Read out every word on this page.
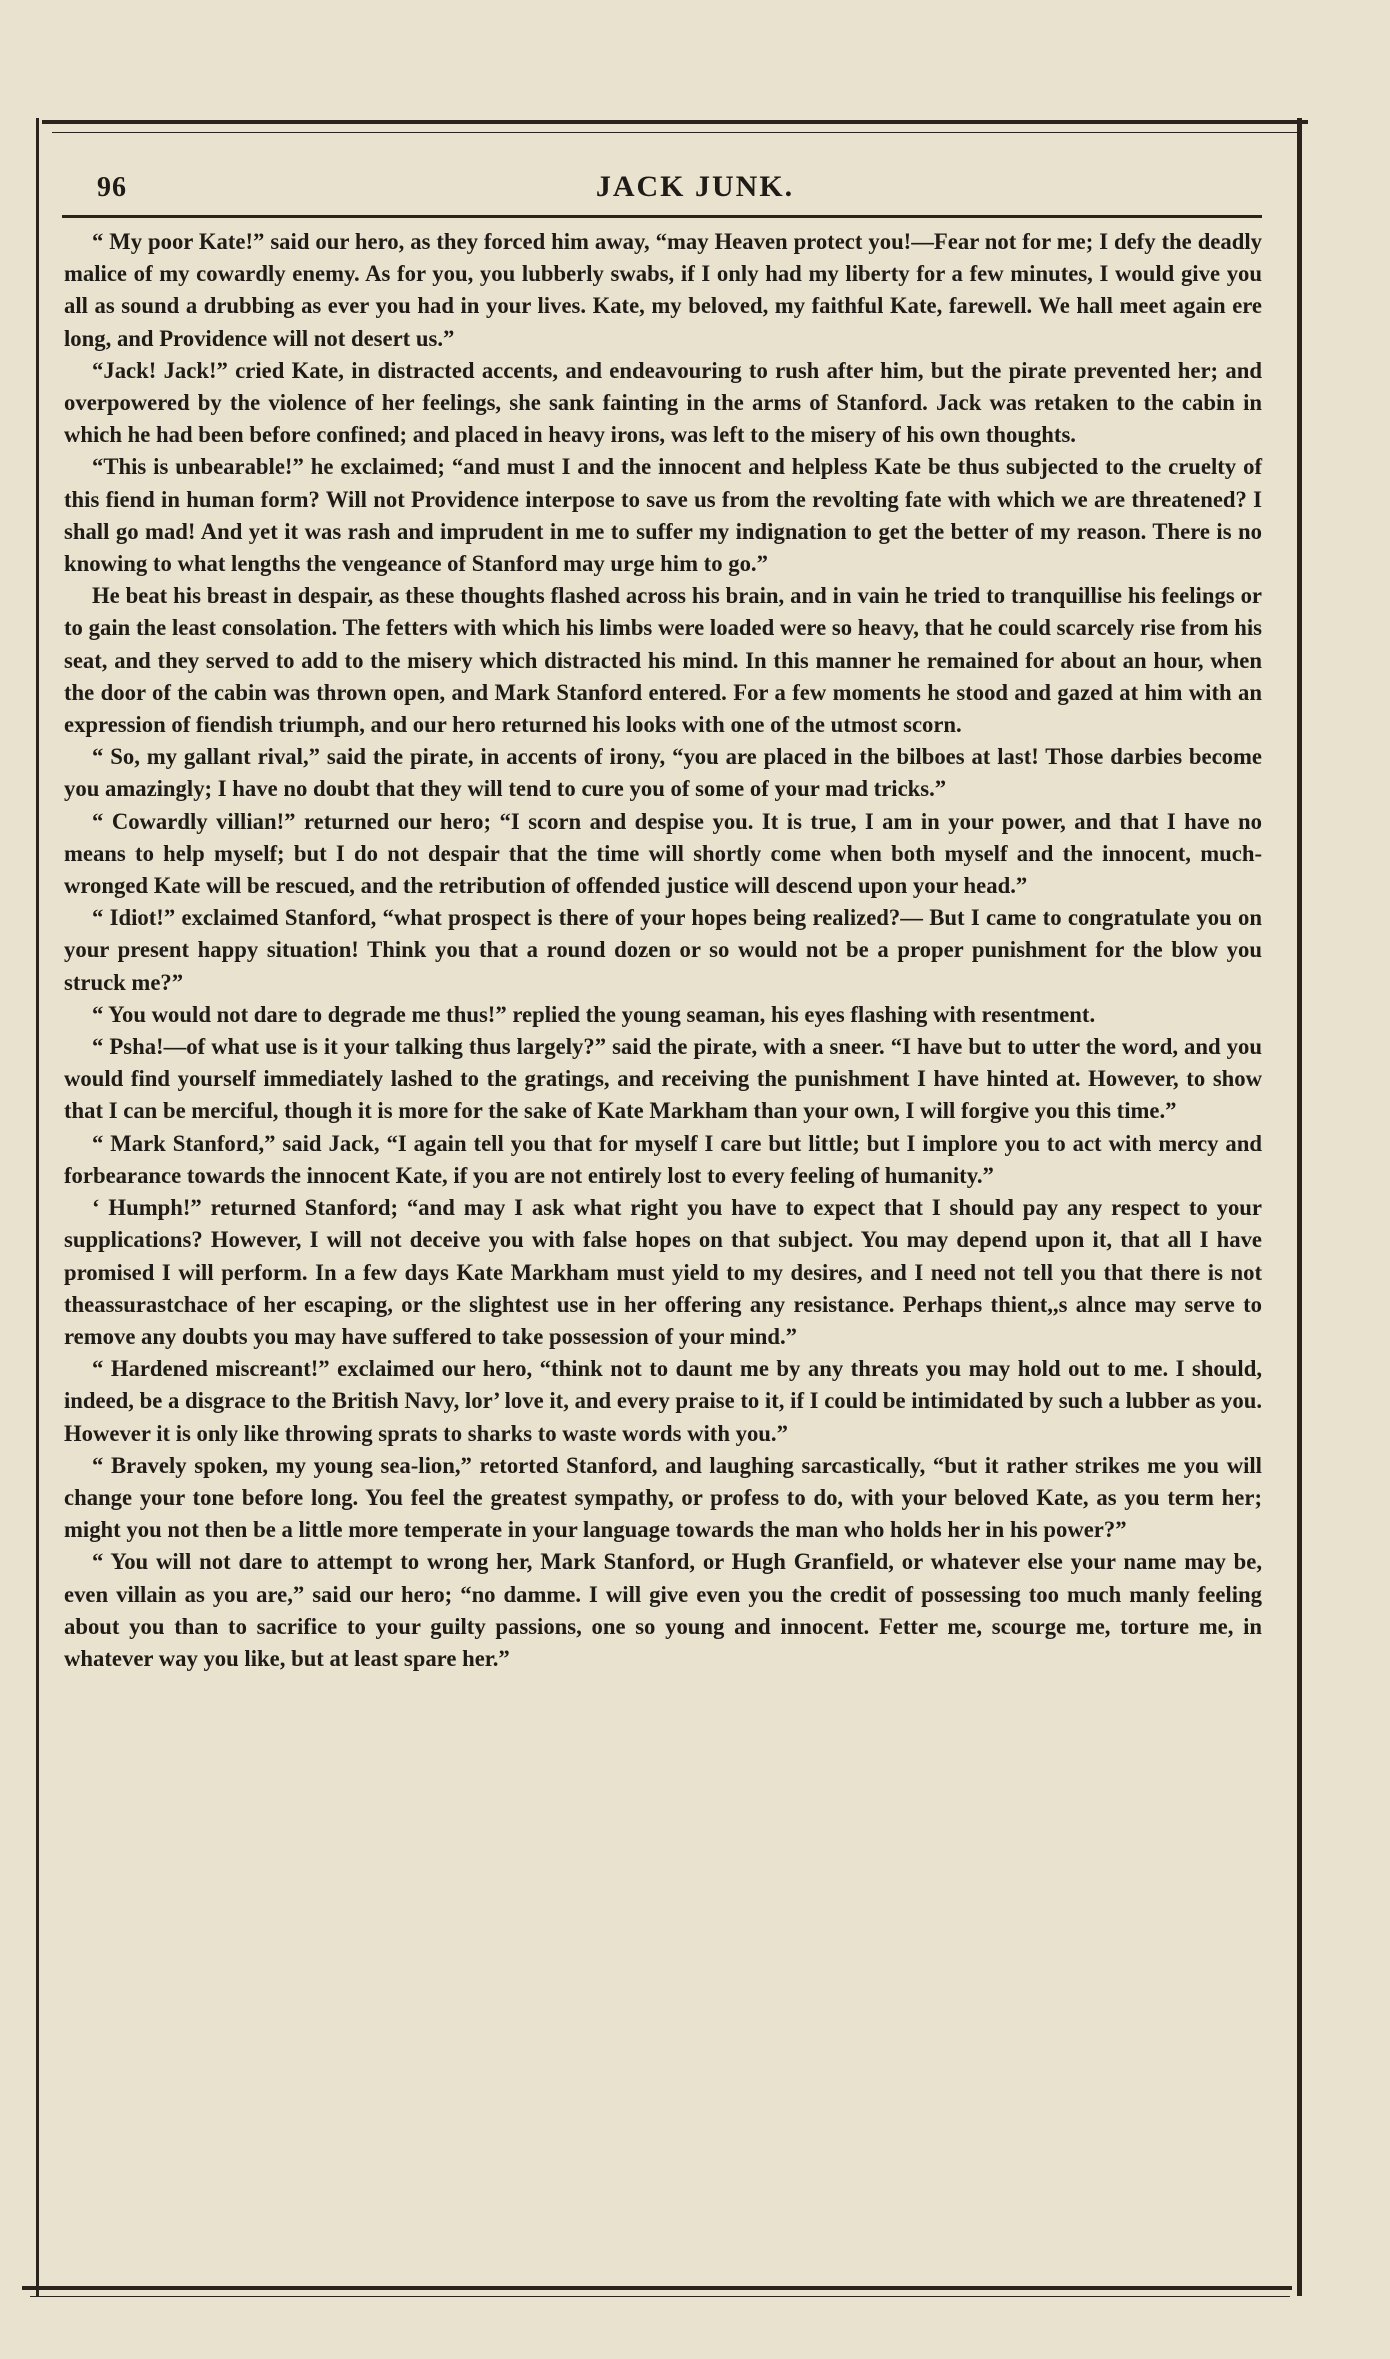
96	JACK JUNK.

“ My poor Kate!” said our hero, as they forced him away, “may Heaven protect you!—Fear not for me; I defy the deadly malice of my cowardly enemy. As for you, you lubberly swabs, if I only had my liberty for a few minutes, I would give you all as sound a drubbing as ever you had in your lives. Kate, my beloved, my faithful Kate, farewell. We hall meet again ere long, and Providence will not desert us.”

“Jack! Jack!” cried Kate, in distracted accents, and endeavouring to rush after him, but the pirate prevented her; and overpowered by the violence of her feelings, she sank fainting in the arms of Stanford. Jack was retaken to the cabin in which he had been before confined; and placed in heavy irons, was left to the misery of his own thoughts.

“This is unbearable!” he exclaimed; “and must I and the innocent and helpless Kate be thus subjected to the cruelty of this fiend in human form? Will not Providence interpose to save us from the revolting fate with which we are threatened? I shall go mad! And yet it was rash and imprudent in me to suffer my indignation to get the better of my reason. There is no knowing to what lengths the vengeance of Stanford may urge him to go.”

He beat his breast in despair, as these thoughts flashed across his brain, and in vain he tried to tranquillise his feelings or to gain the least consolation. The fetters with which his limbs were loaded were so heavy, that he could scarcely rise from his seat, and they served to add to the misery which distracted his mind. In this manner he remained for about an hour, when the door of the cabin was thrown open, and Mark Stanford entered. For a few moments he stood and gazed at him with an expression of fiendish triumph, and our hero returned his looks with one of the utmost scorn.

“ So, my gallant rival,” said the pirate, in accents of irony, “you are placed in the bilboes at last! Those darbies become you amazingly; I have no doubt that they will tend to cure you of some of your mad tricks.”

“ Cowardly villian!” returned our hero; “I scorn and despise you. It is true, I am in your power, and that I have no means to help myself; but I do not despair that the time will shortly come when both myself and the innocent, much-wronged Kate will be rescued, and the retribution of offended justice will descend upon your head.”

“ Idiot!” exclaimed Stanford, “what prospect is there of your hopes being realized?— But I came to congratulate you on your present happy situation! Think you that a round dozen or so would not be a proper punishment for the blow you struck me?”

“ You would not dare to degrade me thus!” replied the young seaman, his eyes flashing with resentment.

“ Psha!—of what use is it your talking thus largely?” said the pirate, with a sneer. “I have but to utter the word, and you would find yourself immediately lashed to the gratings, and receiving the punishment I have hinted at. However, to show that I can be merciful, though it is more for the sake of Kate Markham than your own, I will forgive you this time.”

“ Mark Stanford,” said Jack, “I again tell you that for myself I care but little; but I implore you to act with mercy and forbearance towards the innocent Kate, if you are not entirely lost to every feeling of humanity.”

‘ Humph!” returned Stanford; “and may I ask what right you have to expect that I should pay any respect to your supplications? However, I will not deceive you with false hopes on that subject. You may depend upon it, that all I have promised I will perform. In a few days Kate Markham must yield to my desires, and I need not tell you that there is not theassurastchace of her escaping, or the slightest use in her offering any resistance. Perhaps thient,,s alnce may serve to remove any doubts you may have suffered to take possession of your mind.”

“ Hardened miscreant!” exclaimed our hero, “think not to daunt me by any threats you may hold out to me. I should, indeed, be a disgrace to the British Navy, lor’ love it, and every praise to it, if I could be intimidated by such a lubber as you. However it is only like throwing sprats to sharks to waste words with you.”

“ Bravely spoken, my young sea-lion,” retorted Stanford, and laughing sarcastically, “but it rather strikes me you will change your tone before long. You feel the greatest sympathy, or profess to do, with your beloved Kate, as you term her; might you not then be a little more temperate in your language towards the man who holds her in his power?”

“ You will not dare to attempt to wrong her, Mark Stanford, or Hugh Granfield, or whatever else your name may be, even villain as you are,” said our hero; “no damme. I will give even you the credit of possessing too much manly feeling about you than to sacrifice to your guilty passions, one so young and innocent. Fetter me, scourge me, torture me, in whatever way you like, but at least spare her.”
